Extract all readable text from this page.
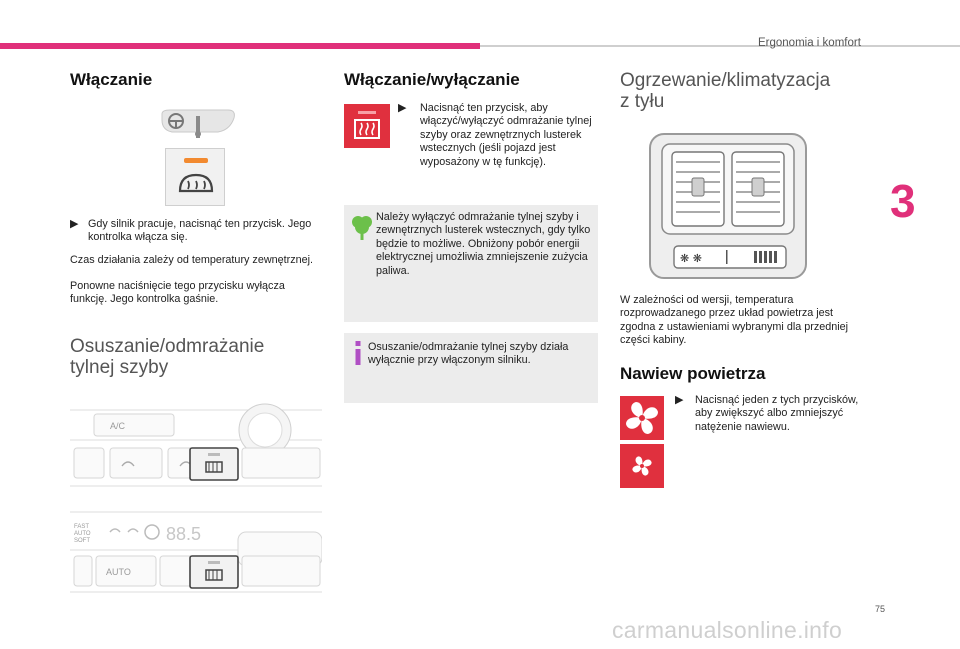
Ergonomia i komfort
3
Włączanie
▶ Gdy silnik pracuje, nacisnąć ten przycisk. Jego kontrolka włącza się.

Czas działania zależy od temperatury zewnętrznej.

Ponowne naciśnięcie tego przycisku wyłącza funkcję. Jego kontrolka gaśnie.

Osuszanie/odmrażanie
tylnej szyby
A/C
FAST
AUTO
SOFT	88.5
AUTO
Włączanie/wyłączanie
▶	Nacisnąć ten przycisk, aby włączyć/wyłączyć odmrażanie tylnej szyby oraz zewnętrznych lusterek wstecznych (jeśli pojazd jest wyposażony w tę funkcję).
Należy wyłączyć odmrażanie tylnej szyby i zewnętrznych lusterek wstecznych, gdy tylko będzie to możliwe. Obniżony pobór energii elektrycznej umożliwia zmniejszenie zużycia paliwa.
Osuszanie/odmrażanie tylnej szyby działa wyłącznie przy włączonym silniku.
Ogrzewanie/klimatyzacja
z tyłu
❋ ❋

W zależności od wersji, temperatura rozprowadzanego przez układ powietrza jest zgodna z ustawieniami wybranymi dla przedniej części kabiny.

Nawiew powietrza
▶	Nacisnąć jeden z tych przycisków, aby zwiększyć albo zmniejszyć natężenie nawiewu.
75
carmanualsonline.info
